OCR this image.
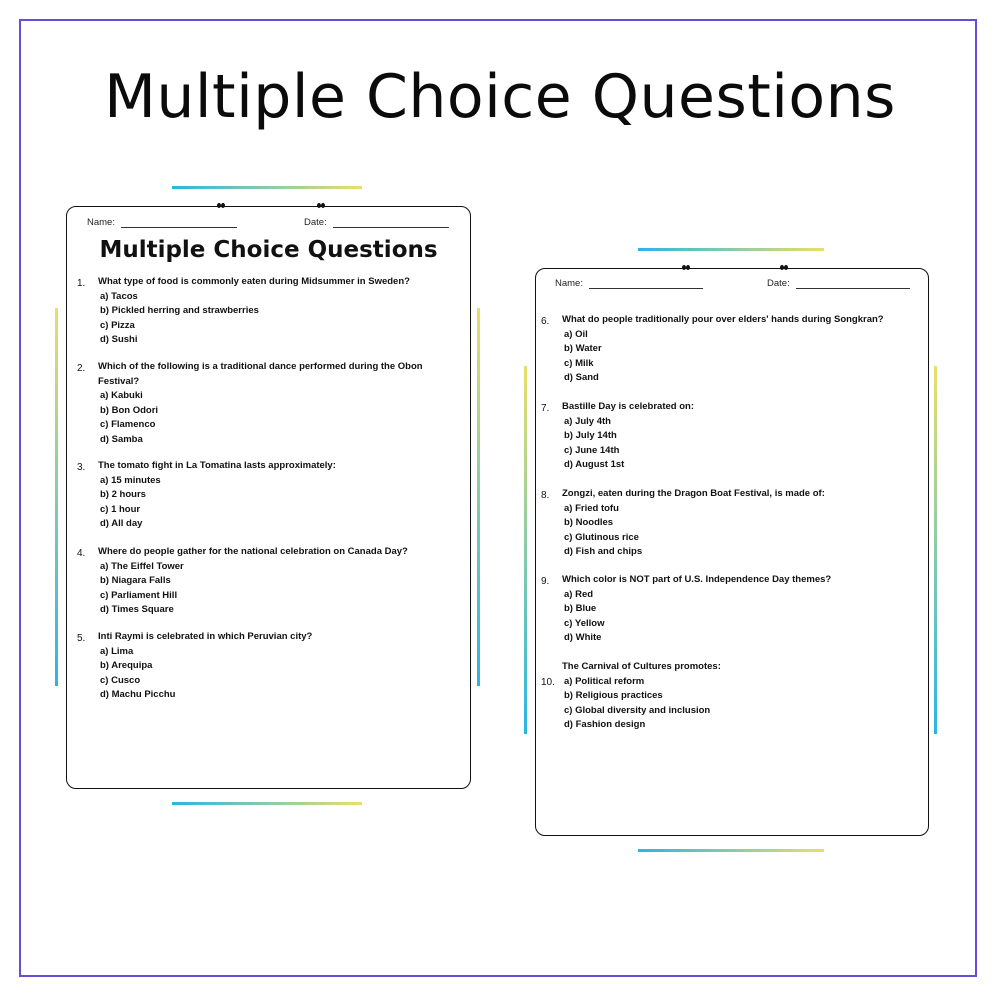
Multiple Choice Questions
Name:	Date:
Multiple Choice Questions
1. What type of food is commonly eaten during Midsummer in Sweden?
a) Tacos
b) Pickled herring and strawberries
c) Pizza
d) Sushi
2. Which of the following is a traditional dance performed during the Obon Festival?
a) Kabuki
b) Bon Odori
c) Flamenco
d) Samba
3. The tomato fight in La Tomatina lasts approximately:
a) 15 minutes
b) 2 hours
c) 1 hour
d) All day
4. Where do people gather for the national celebration on Canada Day?
a) The Eiffel Tower
b) Niagara Falls
c) Parliament Hill
d) Times Square
5. Inti Raymi is celebrated in which Peruvian city?
a) Lima
b) Arequipa
c) Cusco
d) Machu Picchu
Name:	Date:
6. What do people traditionally pour over elders' hands during Songkran?
a) Oil
b) Water
c) Milk
d) Sand
7. Bastille Day is celebrated on:
a) July 4th
b) July 14th
c) June 14th
d) August 1st
8. Zongzi, eaten during the Dragon Boat Festival, is made of:
a) Fried tofu
b) Noodles
c) Glutinous rice
d) Fish and chips
9. Which color is NOT part of U.S. Independence Day themes?
a) Red
b) Blue
c) Yellow
d) White
10.
The Carnival of Cultures promotes:
a) Political reform
b) Religious practices
c) Global diversity and inclusion
d) Fashion design
